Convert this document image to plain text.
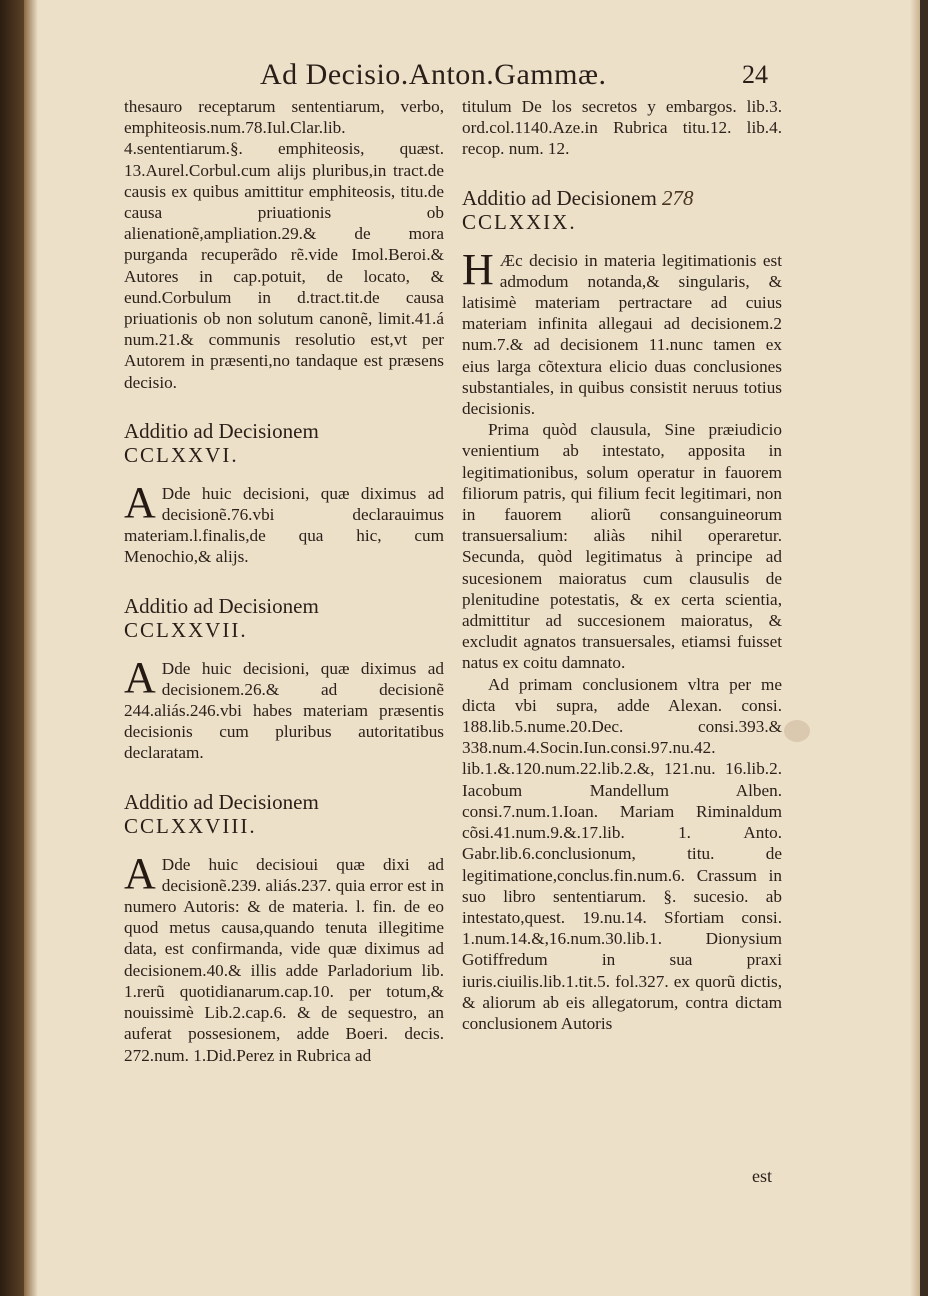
Ad Decisio.Anton.Gammæ.	24

thesauro receptarum sententiarum, verbo, emphiteosis.num.78.Iul.Clar.lib. 4.sententiarum.§. emphiteosis, quæst. 13.Aurel.Corbul.cum alijs pluribus,in tract.de causis ex quibus amittitur emphiteosis, titu.de causa priuationis ob alienationẽ,ampliation.29.& de mora purganda recuperãdo rẽ.vide Imol.Beroi.& Autores in cap.potuit, de locato, & eund.Corbulum in d.tract.tit.de causa priuationis ob non solutum canonẽ, limit.41.á num.21.& communis resolutio est,vt per Autorem in præsenti,no tandaque est præsens decisio.

Additio ad Decisionem

CCLXXVI.

A Dde huic decisioni, quæ diximus ad decisionẽ.76.vbi declarauimus materiam.l.finalis,de qua hic, cum Menochio,& alijs.

Additio ad Decisionem

CCLXXVII.

A Dde huic decisioni, quæ diximus ad decisionem.26.& ad decisionẽ 244.aliás.246.vbi habes materiam præsentis decisionis cum pluribus autoritatibus declaratam.

Additio ad Decisionem

CCLXXVIII.

A Dde huic decisioui quæ dixi ad decisionẽ.239. aliás.237. quia error est in numero Autoris: & de materia. l. fin. de eo quod metus causa,quando tenuta illegitime data, est confirmanda, vide quæ diximus ad decisionem.40.& illis adde Parladorium lib. 1.rerũ quotidianarum.cap.10. per totum,& nouissimè Lib.2.cap.6. & de sequestro, an auferat possesionem, adde Boeri. decis. 272.num. 1.Did.Perez in Rubrica ad

titulum De los secretos y embargos. lib.3. ord.col.1140.Aze.in Rubrica titu.12. lib.4. recop. num. 12.

Additio ad Decisionem 278

CCLXXIX.

H Æc decisio in materia legitimationis est admodum notanda,& singularis, & latisimè materiam pertractare ad cuius materiam infinita allegaui ad decisionem.2 num.7.& ad decisionem 11.nunc tamen ex eius larga cõtextura elicio duas conclusiones substantiales, in quibus consistit neruus totius decisionis.

Prima quòd clausula, Sine præiudicio venientium ab intestato, apposita in legitimationibus, solum operatur in fauorem filiorum patris, qui filium fecit legitimari, non in fauorem aliorũ consanguineorum transuersalium: aliàs nihil operaretur. Secunda, quòd legitimatus à principe ad sucesionem maioratus cum clausulis de plenitudine potestatis, & ex certa scientia, admittitur ad succesionem maioratus, & excludit agnatos transuersales, etiamsi fuisset natus ex coitu damnato.

Ad primam conclusionem vltra per me dicta vbi supra, adde Alexan. consi. 188.lib.5.nume.20.Dec. consi.393.& 338.num.4.Socin.Iun.consi.97.nu.42. lib.1.&.120.num.22.lib.2.&, 121.nu. 16.lib.2. Iacobum Mandellum Alben. consi.7.num.1.Ioan. Mariam Riminaldum cõsi.41.num.9.&.17.lib. 1. Anto. Gabr.lib.6.conclusionum, titu. de legitimatione,conclus.fin.num.6. Crassum in suo libro sententiarum. §. sucesio. ab intestato,quest. 19.nu.14. Sfortiam consi. 1.num.14.&,16.num.30.lib.1. Dionysium Gotiffredum in sua praxi iuris.ciuilis.lib.1.tit.5. fol.327. ex quorũ dictis, & aliorum ab eis allegatorum, contra dictam conclusionem Autoris

est
